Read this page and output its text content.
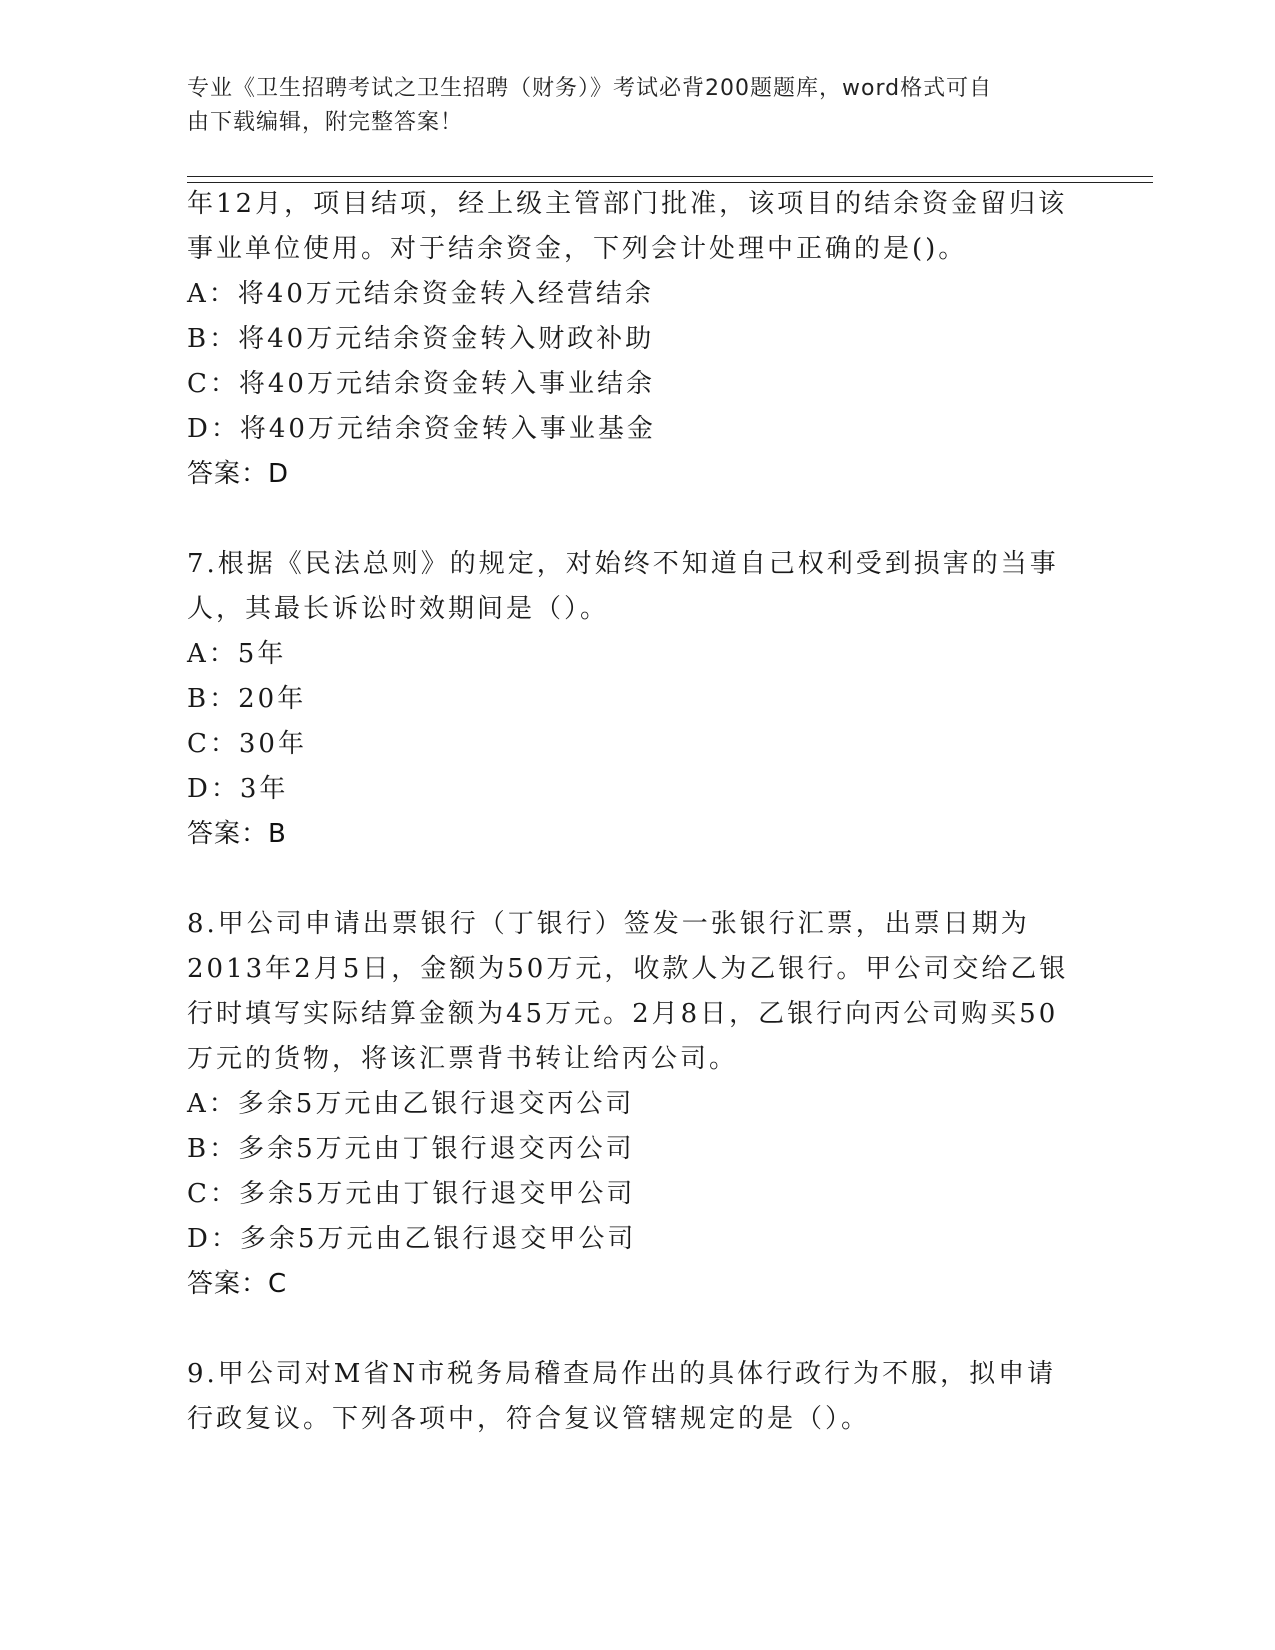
专业《卫生招聘考试之卫生招聘（财务）》考试必背200题题库，word格式可自
由下载编辑，附完整答案！
年12月，项目结项，经上级主管部门批准，该项目的结余资金留归该
事业单位使用。对于结余资金，下列会计处理中正确的是()。
A：将40万元结余资金转入经营结余
B：将40万元结余资金转入财政补助
C：将40万元结余资金转入事业结余
D：将40万元结余资金转入事业基金
答案：D
7.根据《民法总则》的规定，对始终不知道自己权利受到损害的当事
人，其最长诉讼时效期间是（）。
A：5年
B：20年
C：30年
D：3年
答案：B
8.甲公司申请出票银行（丁银行）签发一张银行汇票，出票日期为
2013年2月5日，金额为50万元，收款人为乙银行。甲公司交给乙银
行时填写实际结算金额为45万元。2月8日，乙银行向丙公司购买50
万元的货物，将该汇票背书转让给丙公司。
A：多余5万元由乙银行退交丙公司
B：多余5万元由丁银行退交丙公司
C：多余5万元由丁银行退交甲公司
D：多余5万元由乙银行退交甲公司
答案：C
9.甲公司对M省N市税务局稽查局作出的具体行政行为不服，拟申请
行政复议。下列各项中，符合复议管辖规定的是（）。
